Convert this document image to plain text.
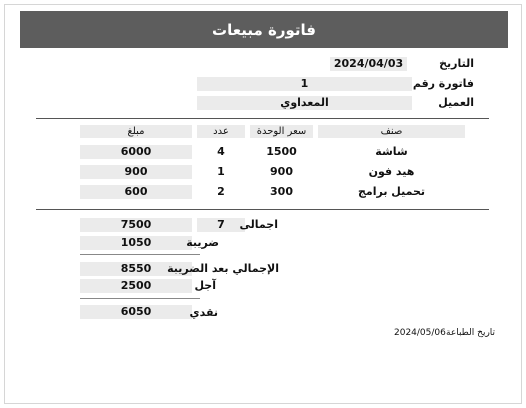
فاتورة مبيعات
2024/04/03	التاريخ
1	فاتورة رقم
المعداوي	العميل
مبلغ	عدد	سعر الوحدة	صنف
6000	4	1500	شاشة
900	1	900	هيد فون
600	2	300	تحميل برامج
7500	7	اجمالى
1050	ضريبة
8550	الإجمالي بعد الضريبة
2500	آجل
6050	نقدي
2024/05/06 تاريخ الطباعة
